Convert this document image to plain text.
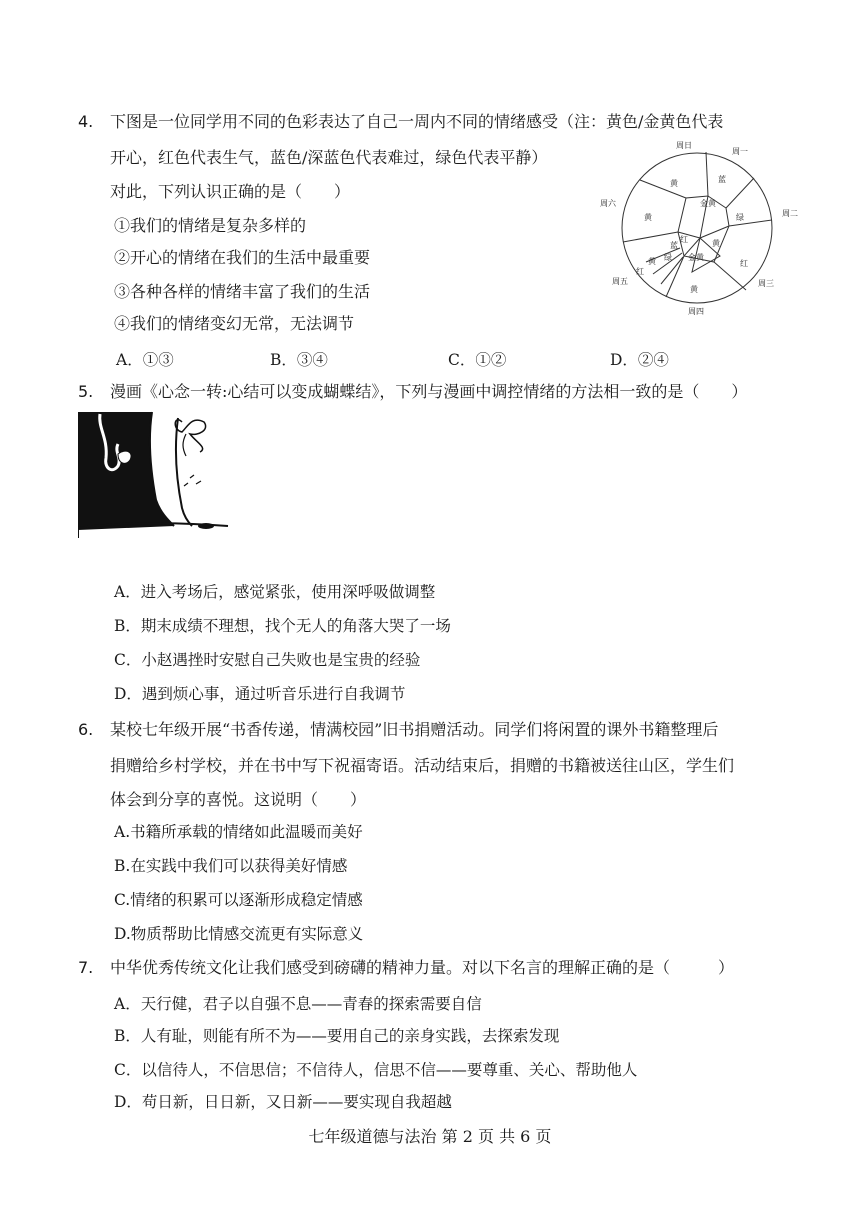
4. 下图是一位同学用不同的色彩表达了自己一周内不同的情绪感受（注：黄色/金黄色代表
开心，红色代表生气，蓝色/深蓝色代表难过，绿色代表平静）
对此，下列认识正确的是（　　）
①我们的情绪是复杂多样的
②开心的情绪在我们的生活中最重要
③各种各样的情绪丰富了我们的生活
④我们的情绪变幻无常，无法调节
A．①③	B．③④	C．①②	D．②④
周日
周一
周二
周三
周四
周五
周六
黄	蓝
绿
红
黄
黄
金黄
金黄
黄
红
黄
蓝
绿
红
5. 漫画《心念一转:心结可以变成蝴蝶结》，下列与漫画中调控情绪的方法相一致的是（　　）
A．进入考场后，感觉紧张，使用深呼吸做调整
B．期末成绩不理想，找个无人的角落大哭了一场
C．小赵遇挫时安慰自己失败也是宝贵的经验
D．遇到烦心事，通过听音乐进行自我调节
6. 某校七年级开展“书香传递，情满校园”旧书捐赠活动。同学们将闲置的课外书籍整理后
捐赠给乡村学校，并在书中写下祝福寄语。活动结束后，捐赠的书籍被送往山区，学生们
体会到分享的喜悦。这说明（　　）
A.书籍所承载的情绪如此温暖而美好
B.在实践中我们可以获得美好情感
C.情绪的积累可以逐渐形成稳定情感
D.物质帮助比情感交流更有实际意义
7. 中华优秀传统文化让我们感受到磅礴的精神力量。对以下名言的理解正确的是（　　　）
A．天行健，君子以自强不息——青春的探索需要自信
B．人有耻，则能有所不为——要用自己的亲身实践，去探索发现
C．以信待人，不信思信；不信待人，信思不信——要尊重、关心、帮助他人
D．苟日新，日日新，又日新——要实现自我超越
七年级道德与法治 第 2 页 共 6 页
